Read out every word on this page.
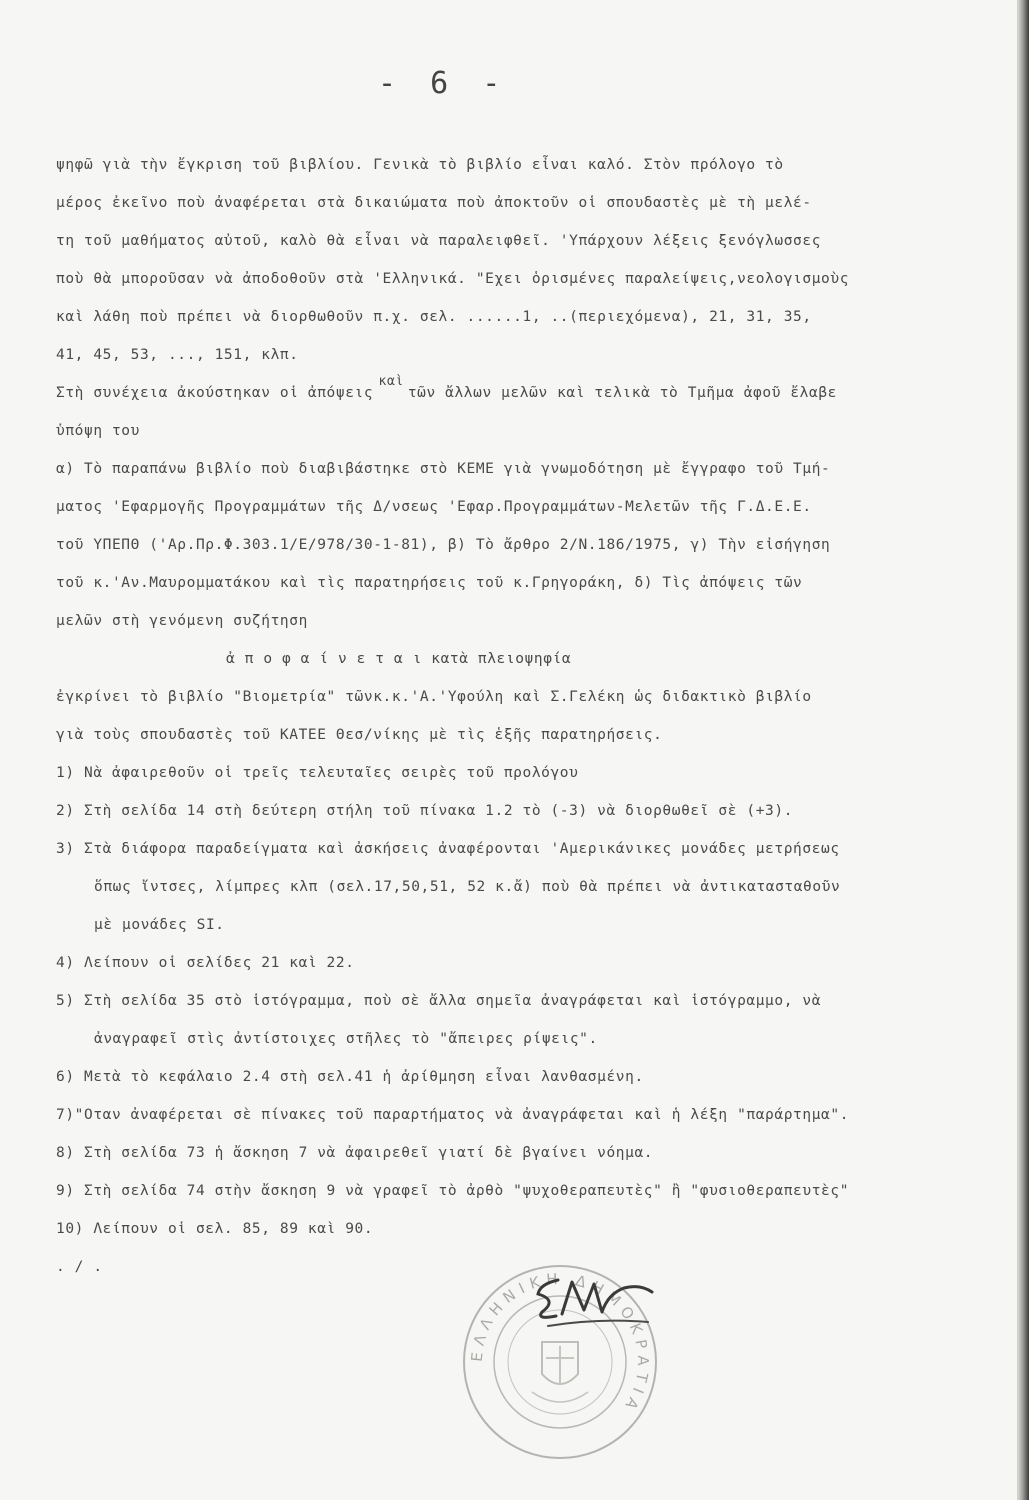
- 6 -
ψηφῶ γιὰ τὴν ἔγκριση τοῦ βιβλίου. Γενικὰ τὸ βιβλίο εἶναι καλό. Στὸν πρόλογο τὸ
μέρος ἐκεῖνο ποὺ ἀναφέρεται στὰ δικαιώματα ποὺ ἀποκτοῦν οἱ σπουδαστὲς μὲ τὴ μελέ-
τη τοῦ μαθήματος αὐτοῦ, καλὸ θὰ εἶναι νὰ παραλειφθεῖ. 'Υπάρχουν λέξεις ξενόγλωσσες
ποὺ θὰ μποροῦσαν νὰ ἀποδοθοῦν στὰ 'Ελληνικά. "Εχει ὁρισμένες παραλείψεις,νεολογισμοὺς
καὶ λάθη ποὺ πρέπει νὰ διορθωθοῦν π.χ. σελ. ......1, ..(περιεχόμενα), 21, 31, 35,
41, 45, 53, ..., 151, κλπ.
Στὴ συνέχεια ἀκούστηκαν οἱ ἀπόψεις καὶτῶν ἄλλων μελῶν καὶ τελικὰ τὸ Τμῆμα ἀφοῦ ἔλαβε
ὑπόψη του
α) Τὸ παραπάνω βιβλίο ποὺ διαβιβάστηκε στὸ ΚΕΜΕ γιὰ γνωμοδότηση μὲ ἔγγραφο τοῦ Τμή-
ματος 'Εφαρμογῆς Προγραμμάτων τῆς Δ/νσεως 'Εφαρ.Προγραμμάτων-Μελετῶν τῆς Γ.Δ.Ε.Ε.
τοῦ ΥΠΕΠΘ ('Αρ.Πρ.Φ.303.1/Ε/978/30-1-81), β) Τὸ ἄρθρο 2/Ν.186/1975, γ) Τὴν εἰσήγηση
τοῦ κ.'Αν.Μαυρομματάκου καὶ τὶς παρατηρήσεις τοῦ κ.Γρηγοράκη, δ) Τὶς ἀπόψεις τῶν
μελῶν στὴ γενόμενη συζήτηση
ἀ π ο φ α ί ν ε τ α ι κατὰ πλειοψηφία
ἐγκρίνει τὸ βιβλίο "Βιομετρία" τῶνκ.κ.'Α.'Υφούλη καὶ Σ.Γελέκη ὡς διδακτικὸ βιβλίο
γιὰ τοὺς σπουδαστὲς τοῦ ΚΑΤΕΕ Θεσ/νίκης μὲ τὶς ἑξῆς παρατηρήσεις.
1) Νὰ ἀφαιρεθοῦν οἱ τρεῖς τελευταῖες σειρὲς τοῦ προλόγου
2) Στὴ σελίδα 14 στὴ δεύτερη στήλη τοῦ πίνακα 1.2 τὸ (-3) νὰ διορθωθεῖ σὲ (+3).
3) Στὰ διάφορα παραδείγματα καὶ ἀσκήσεις ἀναφέρονται 'Αμερικάνικες μονάδες μετρήσεως
ὅπως ἴντσες, λίμπρες κλπ (σελ.17,50,51, 52 κ.ἄ) ποὺ θὰ πρέπει νὰ ἀντικατασταθοῦν
μὲ μονάδες SI.
4) Λείπουν οἱ σελίδες 21 καὶ 22.
5) Στὴ σελίδα 35 στὸ ἱστόγραμμα, ποὺ σὲ ἄλλα σημεῖα ἀναγράφεται καὶ ἱστόγραμμο, νὰ
ἀναγραφεῖ στὶς ἀντίστοιχες στῆλες τὸ "ἄπειρες ρίψεις".
6) Μετὰ τὸ κεφάλαιο 2.4 στὴ σελ.41 ἡ ἀρίθμηση εἶναι λανθασμένη.
7)"Οταν ἀναφέρεται σὲ πίνακες τοῦ παραρτήματος νὰ ἀναγράφεται καὶ ἡ λέξη "παράρτημα".
8) Στὴ σελίδα 73 ἡ ἄσκηση 7 νὰ ἀφαιρεθεῖ γιατί δὲ βγαίνει νόημα.
9) Στὴ σελίδα 74 στὴν ἄσκηση 9 νὰ γραφεῖ τὸ ἀρθὸ "ψυχοθεραπευτὲς" ἢ "φυσιοθεραπευτὲς"
10) Λείπουν οἱ σελ. 85, 89 καὶ 90.
. / .
ΕΛΛΗΝΙΚΗ ΔΗΜΟΚΡΑΤΙΑ
